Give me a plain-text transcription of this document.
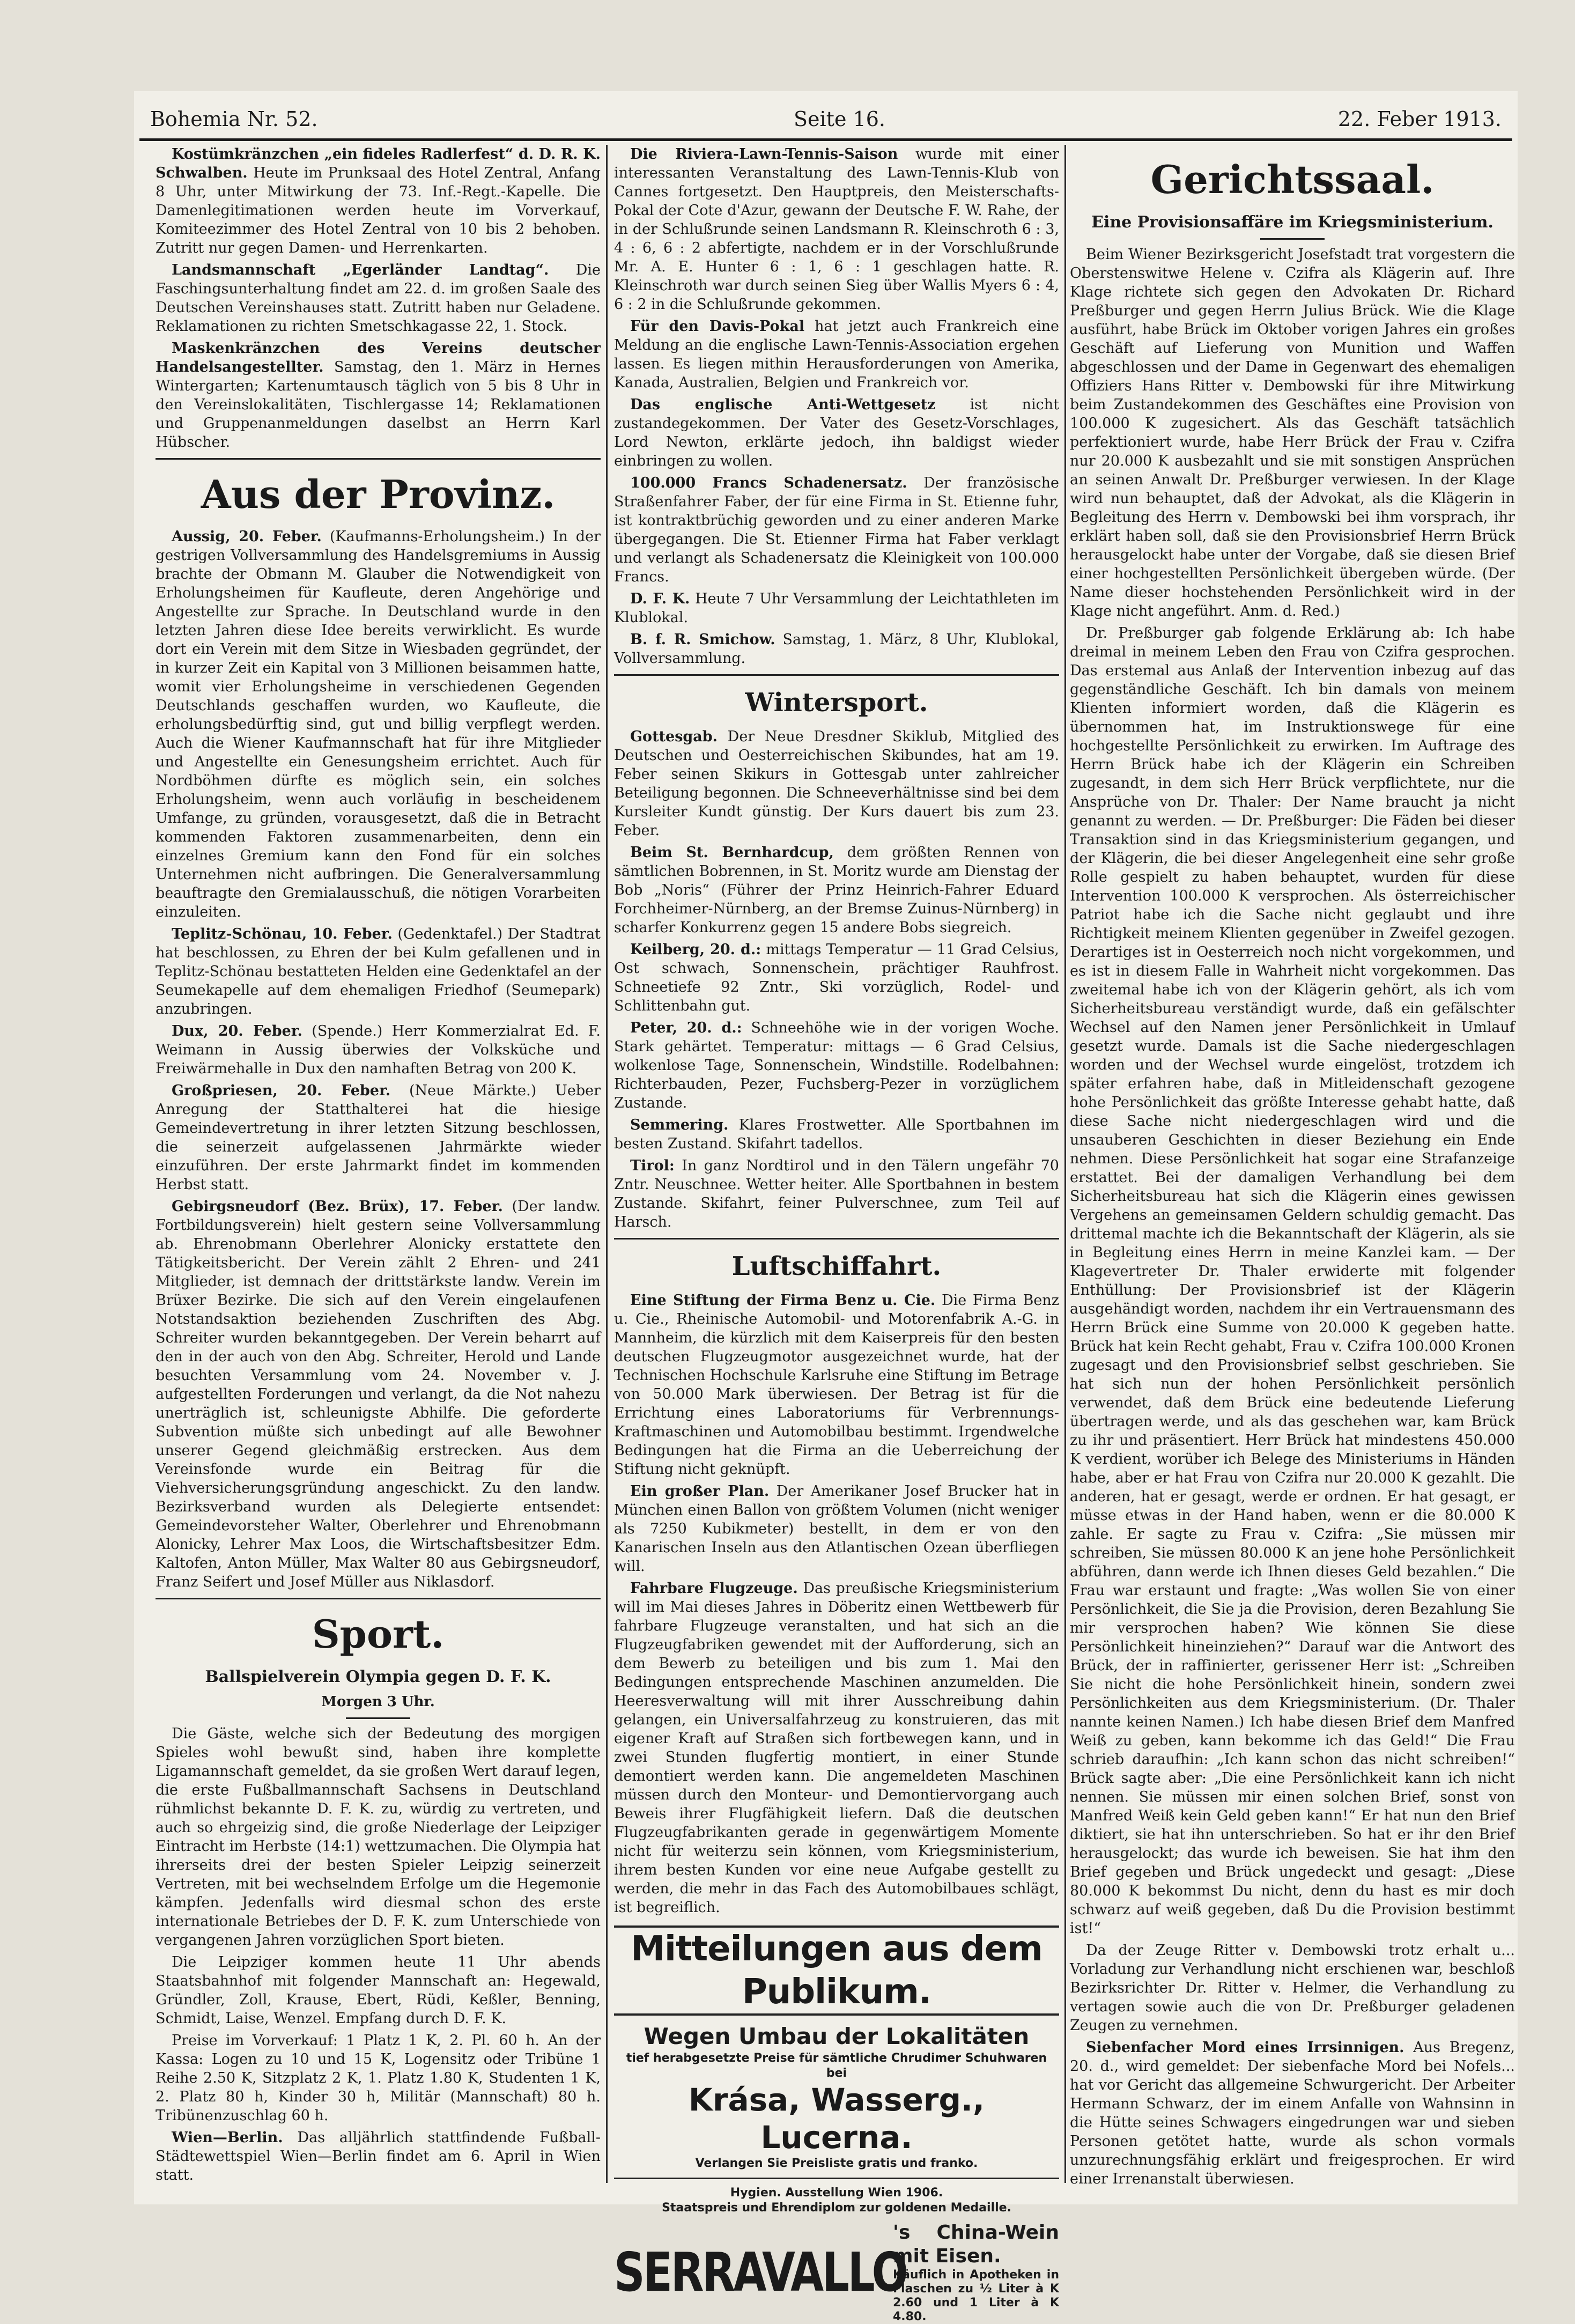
Bohemia Nr. 52.	Seite 16.	22. Feber 1913.

Kostümkränzchen „ein fideles Radlerfest“ d. D. R. K. Schwalben. Heute im Prunksaal des Hotel Zentral, Anfang 8 Uhr, unter Mitwirkung der 73. Inf.-Regt.-Kapelle. Die Damenlegitimationen werden heute im Vorverkauf, Komiteezimmer des Hotel Zentral von 10 bis 2 behoben. Zutritt nur gegen Damen- und Herrenkarten.

Landsmannschaft „Egerländer Landtag“. Die Faschingsunterhaltung findet am 22. d. im großen Saale des Deutschen Vereinshauses statt. Zutritt haben nur Geladene. Reklamationen zu richten Smetschkagasse 22, 1. Stock.

Maskenkränzchen des Vereins deutscher Handelsangestellter. Samstag, den 1. März in Hernes Wintergarten; Kartenumtausch täglich von 5 bis 8 Uhr in den Vereinslokalitäten, Tischlergasse 14; Reklamationen und Gruppenanmeldungen daselbst an Herrn Karl Hübscher.

Aus der Provinz.

Aussig, 20. Feber. (Kaufmanns-Erholungsheim.) In der gestrigen Vollversammlung des Handelsgremiums in Aussig brachte der Obmann M. Glauber die Notwendigkeit von Erholungsheimen für Kaufleute, deren Angehörige und Angestellte zur Sprache. In Deutschland wurde in den letzten Jahren diese Idee bereits verwirklicht. Es wurde dort ein Verein mit dem Sitze in Wiesbaden gegründet, der in kurzer Zeit ein Kapital von 3 Millionen beisammen hatte, womit vier Erholungsheime in verschiedenen Gegenden Deutschlands geschaffen wurden, wo Kaufleute, die erholungsbedürftig sind, gut und billig verpflegt werden. Auch die Wiener Kaufmannschaft hat für ihre Mitglieder und Angestellte ein Genesungsheim errichtet. Auch für Nordböhmen dürfte es möglich sein, ein solches Erholungsheim, wenn auch vorläufig in bescheidenem Umfange, zu gründen, vorausgesetzt, daß die in Betracht kommenden Faktoren zusammenarbeiten, denn ein einzelnes Gremium kann den Fond für ein solches Unternehmen nicht aufbringen. Die Generalversammlung beauftragte den Gremialausschuß, die nötigen Vorarbeiten einzuleiten.

Teplitz-Schönau, 10. Feber. (Gedenktafel.) Der Stadtrat hat beschlossen, zu Ehren der bei Kulm gefallenen und in Teplitz-Schönau bestatteten Helden eine Gedenktafel an der Seumekapelle auf dem ehemaligen Friedhof (Seumepark) anzubringen.

Dux, 20. Feber. (Spende.) Herr Kommerzialrat Ed. F. Weimann in Aussig überwies der Volksküche und Freiwärmehalle in Dux den namhaften Betrag von 200 K.

Großpriesen, 20. Feber. (Neue Märkte.) Ueber Anregung der Statthalterei hat die hiesige Gemeindevertretung in ihrer letzten Sitzung beschlossen, die seinerzeit aufgelassenen Jahrmärkte wieder einzuführen. Der erste Jahrmarkt findet im kommenden Herbst statt.

Gebirgsneudorf (Bez. Brüx), 17. Feber. (Der landw. Fortbildungsverein) hielt gestern seine Vollversammlung ab. Ehrenobmann Oberlehrer Alonicky erstattete den Tätigkeitsbericht. Der Verein zählt 2 Ehren- und 241 Mitglieder, ist demnach der drittstärkste landw. Verein im Brüxer Bezirke. Die sich auf den Verein eingelaufenen Notstandsaktion beziehenden Zuschriften des Abg. Schreiter wurden bekanntgegeben. Der Verein beharrt auf den in der auch von den Abg. Schreiter, Herold und Lande besuchten Versammlung vom 24. November v. J. aufgestellten Forderungen und verlangt, da die Not nahezu unerträglich ist, schleunigste Abhilfe. Die geforderte Subvention müßte sich unbedingt auf alle Bewohner unserer Gegend gleichmäßig erstrecken. Aus dem Vereinsfonde wurde ein Beitrag für die Viehversicherungsgründung angeschickt. Zu den landw. Bezirksverband wurden als Delegierte entsendet: Gemeindevorsteher Walter, Oberlehrer und Ehrenobmann Alonicky, Lehrer Max Loos, die Wirtschaftsbesitzer Edm. Kaltofen, Anton Müller, Max Walter 80 aus Gebirgsneudorf, Franz Seifert und Josef Müller aus Niklasdorf.

Sport.
Ballspielverein Olympia gegen D. F. K.
Morgen 3 Uhr.

Die Gäste, welche sich der Bedeutung des morgigen Spieles wohl bewußt sind, haben ihre komplette Ligamannschaft gemeldet, da sie großen Wert darauf legen, die erste Fußballmannschaft Sachsens in Deutschland rühmlichst bekannte D. F. K. zu, würdig zu vertreten, und auch so ehrgeizig sind, die große Niederlage der Leipziger Eintracht im Herbste (14:1) wettzumachen. Die Olympia hat ihrerseits drei der besten Spieler Leipzig seinerzeit Vertreten, mit bei wechselndem Erfolge um die Hegemonie kämpfen. Jedenfalls wird diesmal schon des erste internationale Betriebes der D. F. K. zum Unterschiede von vergangenen Jahren vorzüglichen Sport bieten.

Die Leipziger kommen heute 11 Uhr abends Staatsbahnhof mit folgender Mannschaft an: Hegewald, Gründler, Zoll, Krause, Ebert, Rüdi, Keßler, Benning, Schmidt, Laise, Wenzel. Empfang durch D. F. K.

Preise im Vorverkauf: 1 Platz 1 K, 2. Pl. 60 h. An der Kassa: Logen zu 10 und 15 K, Logensitz oder Tribüne 1 Reihe 2.50 K, Sitzplatz 2 K, 1. Platz 1.80 K, Studenten 1 K, 2. Platz 80 h, Kinder 30 h, Militär (Mannschaft) 80 h. Tribünenzuschlag 60 h.

Wien—Berlin. Das alljährlich stattfindende Fußball-Städtewettspiel Wien—Berlin findet am 6. April in Wien statt.

Die Riviera-Lawn-Tennis-Saison wurde mit einer interessanten Veranstaltung des Lawn-Tennis-Klub von Cannes fortgesetzt. Den Hauptpreis, den Meisterschafts-Pokal der Cote d'Azur, gewann der Deutsche F. W. Rahe, der in der Schlußrunde seinen Landsmann R. Kleinschroth 6 : 3, 4 : 6, 6 : 2 abfertigte, nachdem er in der Vorschlußrunde Mr. A. E. Hunter 6 : 1, 6 : 1 geschlagen hatte. R. Kleinschroth war durch seinen Sieg über Wallis Myers 6 : 4, 6 : 2 in die Schlußrunde gekommen.

Für den Davis-Pokal hat jetzt auch Frankreich eine Meldung an die englische Lawn-Tennis-Association ergehen lassen. Es liegen mithin Herausforderungen von Amerika, Kanada, Australien, Belgien und Frankreich vor.

Das englische Anti-Wettgesetz ist nicht zustandegekommen. Der Vater des Gesetz-Vorschlages, Lord Newton, erklärte jedoch, ihn baldigst wieder einbringen zu wollen.

100.000 Francs Schadenersatz. Der französische Straßenfahrer Faber, der für eine Firma in St. Etienne fuhr, ist kontraktbrüchig geworden und zu einer anderen Marke übergegangen. Die St. Etienner Firma hat Faber verklagt und verlangt als Schadenersatz die Kleinigkeit von 100.000 Francs.

D. F. K. Heute 7 Uhr Versammlung der Leichtathleten im Klublokal.

B. f. R. Smichow. Samstag, 1. März, 8 Uhr, Klublokal, Vollversammlung.

Wintersport.

Gottesgab. Der Neue Dresdner Skiklub, Mitglied des Deutschen und Oesterreichischen Skibundes, hat am 19. Feber seinen Skikurs in Gottesgab unter zahlreicher Beteiligung begonnen. Die Schneeverhältnisse sind bei dem Kursleiter Kundt günstig. Der Kurs dauert bis zum 23. Feber.

Beim St. Bernhardcup, dem größten Rennen von sämtlichen Bobrennen, in St. Moritz wurde am Dienstag der Bob „Noris“ (Führer der Prinz Heinrich-Fahrer Eduard Forchheimer-Nürnberg, an der Bremse Zuinus-Nürnberg) in scharfer Konkurrenz gegen 15 andere Bobs siegreich.

Keilberg, 20. d.: mittags Temperatur — 11 Grad Celsius, Ost schwach, Sonnenschein, prächtiger Rauhfrost. Schneetiefe 92 Zntr., Ski vorzüglich, Rodel- und Schlittenbahn gut.

Peter, 20. d.: Schneehöhe wie in der vorigen Woche. Stark gehärtet. Temperatur: mittags — 6 Grad Celsius, wolkenlose Tage, Sonnenschein, Windstille. Rodelbahnen: Richterbauden, Pezer, Fuchsberg-Pezer in vorzüglichem Zustande.

Semmering. Klares Frostwetter. Alle Sportbahnen im besten Zustand. Skifahrt tadellos.

Tirol: In ganz Nordtirol und in den Tälern ungefähr 70 Zntr. Neuschnee. Wetter heiter. Alle Sportbahnen in bestem Zustande. Skifahrt, feiner Pulverschnee, zum Teil auf Harsch.

Luftschiffahrt.

Eine Stiftung der Firma Benz u. Cie. Die Firma Benz u. Cie., Rheinische Automobil- und Motorenfabrik A.-G. in Mannheim, die kürzlich mit dem Kaiserpreis für den besten deutschen Flugzeugmotor ausgezeichnet wurde, hat der Technischen Hochschule Karlsruhe eine Stiftung im Betrage von 50.000 Mark überwiesen. Der Betrag ist für die Errichtung eines Laboratoriums für Verbrennungs-Kraftmaschinen und Automobilbau bestimmt. Irgendwelche Bedingungen hat die Firma an die Ueberreichung der Stiftung nicht geknüpft.

Ein großer Plan. Der Amerikaner Josef Brucker hat in München einen Ballon von größtem Volumen (nicht weniger als 7250 Kubikmeter) bestellt, in dem er von den Kanarischen Inseln aus den Atlantischen Ozean überfliegen will.

Fahrbare Flugzeuge. Das preußische Kriegsministerium will im Mai dieses Jahres in Döberitz einen Wettbewerb für fahrbare Flugzeuge veranstalten, und hat sich an die Flugzeugfabriken gewendet mit der Aufforderung, sich an dem Bewerb zu beteiligen und bis zum 1. Mai den Bedingungen entsprechende Maschinen anzumelden. Die Heeresverwaltung will mit ihrer Ausschreibung dahin gelangen, ein Universalfahrzeug zu konstruieren, das mit eigener Kraft auf Straßen sich fortbewegen kann, und in zwei Stunden flugfertig montiert, in einer Stunde demontiert werden kann. Die angemeldeten Maschinen müssen durch den Monteur- und Demontiervorgang auch Beweis ihrer Flugfähigkeit liefern. Daß die deutschen Flugzeugfabrikanten gerade in gegenwärtigem Momente nicht für weiterzu sein können, vom Kriegsministerium, ihrem besten Kunden vor eine neue Aufgabe gestellt zu werden, die mehr in das Fach des Automobilbaues schlägt, ist begreiflich.

Mitteilungen aus dem Publikum.
Wegen Umbau der Lokalitäten
tief herabgesetzte Preise für sämtliche Chrudimer Schuhwaren bei
Krása, Wasserg., Lucerna.
Verlangen Sie Preisliste gratis und franko.
Hygien. Ausstellung Wien 1906.
Staatspreis und Ehrendiplom zur goldenen Medaille.
SERRAVALLO
's China-Wein mit Eisen.
Käuflich in Apotheken in Flaschen zu ½ Liter à K 2.60 und 1 Liter à K 4.80.
Gerichtssaal.
Eine Provisionsaffäre im Kriegsministerium.

Beim Wiener Bezirksgericht Josefstadt trat vorgestern die Oberstenswitwe Helene v. Czifra als Klägerin auf. Ihre Klage richtete sich gegen den Advokaten Dr. Richard Preßburger und gegen Herrn Julius Brück. Wie die Klage ausführt, habe Brück im Oktober vorigen Jahres ein großes Geschäft auf Lieferung von Munition und Waffen abgeschlossen und der Dame in Gegenwart des ehemaligen Offiziers Hans Ritter v. Dembowski für ihre Mitwirkung beim Zustandekommen des Geschäftes eine Provision von 100.000 K zugesichert. Als das Geschäft tatsächlich perfektioniert wurde, habe Herr Brück der Frau v. Czifra nur 20.000 K ausbezahlt und sie mit sonstigen Ansprüchen an seinen Anwalt Dr. Preßburger verwiesen. In der Klage wird nun behauptet, daß der Advokat, als die Klägerin in Begleitung des Herrn v. Dembowski bei ihm vorsprach, ihr erklärt haben soll, daß sie den Provisionsbrief Herrn Brück herausgelockt habe unter der Vorgabe, daß sie diesen Brief einer hochgestellten Persönlichkeit übergeben würde. (Der Name dieser hochstehenden Persönlichkeit wird in der Klage nicht angeführt. Anm. d. Red.)

Dr. Preßburger gab folgende Erklärung ab: Ich habe dreimal in meinem Leben den Frau von Czifra gesprochen. Das erstemal aus Anlaß der Intervention inbezug auf das gegenständliche Geschäft. Ich bin damals von meinem Klienten informiert worden, daß die Klägerin es übernommen hat, im Instruktionswege für eine hochgestellte Persönlichkeit zu erwirken. Im Auftrage des Herrn Brück habe ich der Klägerin ein Schreiben zugesandt, in dem sich Herr Brück verpflichtete, nur die Ansprüche von Dr. Thaler: Der Name braucht ja nicht genannt zu werden. — Dr. Preßburger: Die Fäden bei dieser Transaktion sind in das Kriegsministerium gegangen, und der Klägerin, die bei dieser Angelegenheit eine sehr große Rolle gespielt zu haben behauptet, wurden für diese Intervention 100.000 K versprochen. Als österreichischer Patriot habe ich die Sache nicht geglaubt und ihre Richtigkeit meinem Klienten gegenüber in Zweifel gezogen. Derartiges ist in Oesterreich noch nicht vorgekommen, und es ist in diesem Falle in Wahrheit nicht vorgekommen. Das zweitemal habe ich von der Klägerin gehört, als ich vom Sicherheitsbureau verständigt wurde, daß ein gefälschter Wechsel auf den Namen jener Persönlichkeit in Umlauf gesetzt wurde. Damals ist die Sache niedergeschlagen worden und der Wechsel wurde eingelöst, trotzdem ich später erfahren habe, daß in Mitleidenschaft gezogene hohe Persönlichkeit das größte Interesse gehabt hatte, daß diese Sache nicht niedergeschlagen wird und die unsauberen Geschichten in dieser Beziehung ein Ende nehmen. Diese Persönlichkeit hat sogar eine Strafanzeige erstattet. Bei der damaligen Verhandlung bei dem Sicherheitsbureau hat sich die Klägerin eines gewissen Vergehens an gemeinsamen Geldern schuldig gemacht. Das drittemal machte ich die Bekanntschaft der Klägerin, als sie in Begleitung eines Herrn in meine Kanzlei kam. — Der Klagevertreter Dr. Thaler erwiderte mit folgender Enthüllung: Der Provisionsbrief ist der Klägerin ausgehändigt worden, nachdem ihr ein Vertrauensmann des Herrn Brück eine Summe von 20.000 K gegeben hatte. Brück hat kein Recht gehabt, Frau v. Czifra 100.000 Kronen zugesagt und den Provisionsbrief selbst geschrieben. Sie hat sich nun der hohen Persönlichkeit persönlich verwendet, daß dem Brück eine bedeutende Lieferung übertragen werde, und als das geschehen war, kam Brück zu ihr und präsentiert. Herr Brück hat mindestens 450.000 K verdient, worüber ich Belege des Ministeriums in Händen habe, aber er hat Frau von Czifra nur 20.000 K gezahlt. Die anderen, hat er gesagt, werde er ordnen. Er hat gesagt, er müsse etwas in der Hand haben, wenn er die 80.000 K zahle. Er sagte zu Frau v. Czifra: „Sie müssen mir schreiben, Sie müssen 80.000 K an jene hohe Persönlichkeit abführen, dann werde ich Ihnen dieses Geld bezahlen.“ Die Frau war erstaunt und fragte: „Was wollen Sie von einer Persönlichkeit, die Sie ja die Provision, deren Bezahlung Sie mir versprochen haben? Wie können Sie diese Persönlichkeit hineinziehen?“ Darauf war die Antwort des Brück, der in raffinierter, gerissener Herr ist: „Schreiben Sie nicht die hohe Persönlichkeit hinein, sondern zwei Persönlichkeiten aus dem Kriegsministerium. (Dr. Thaler nannte keinen Namen.) Ich habe diesen Brief dem Manfred Weiß zu geben, kann bekomme ich das Geld!“ Die Frau schrieb daraufhin: „Ich kann schon das nicht schreiben!“ Brück sagte aber: „Die eine Persönlichkeit kann ich nicht nennen. Sie müssen mir einen solchen Brief, sonst von Manfred Weiß kein Geld geben kann!“ Er hat nun den Brief diktiert, sie hat ihn unterschrieben. So hat er ihr den Brief herausgelockt; das wurde ich beweisen. Sie hat ihm den Brief gegeben und Brück ungedeckt und gesagt: „Diese 80.000 K bekommst Du nicht, denn du hast es mir doch schwarz auf weiß gegeben, daß Du die Provision bestimmt ist!“

Da der Zeuge Ritter v. Dembowski trotz erhalt u... Vorladung zur Verhandlung nicht erschienen war, beschloß Bezirksrichter Dr. Ritter v. Helmer, die Verhandlung zu vertagen sowie auch die von Dr. Preßburger geladenen Zeugen zu vernehmen.

Siebenfacher Mord eines Irrsinnigen. Aus Bregenz, 20. d., wird gemeldet: Der siebenfache Mord bei Nofels... hat vor Gericht das allgemeine Schwurgericht. Der Arbeiter Hermann Schwarz, der im einem Anfalle von Wahnsinn in die Hütte seines Schwagers eingedrungen war und sieben Personen getötet hatte, wurde als schon vormals unzurechnungsfähig erklärt und freigesprochen. Er wird einer Irrenanstalt überwiesen.
